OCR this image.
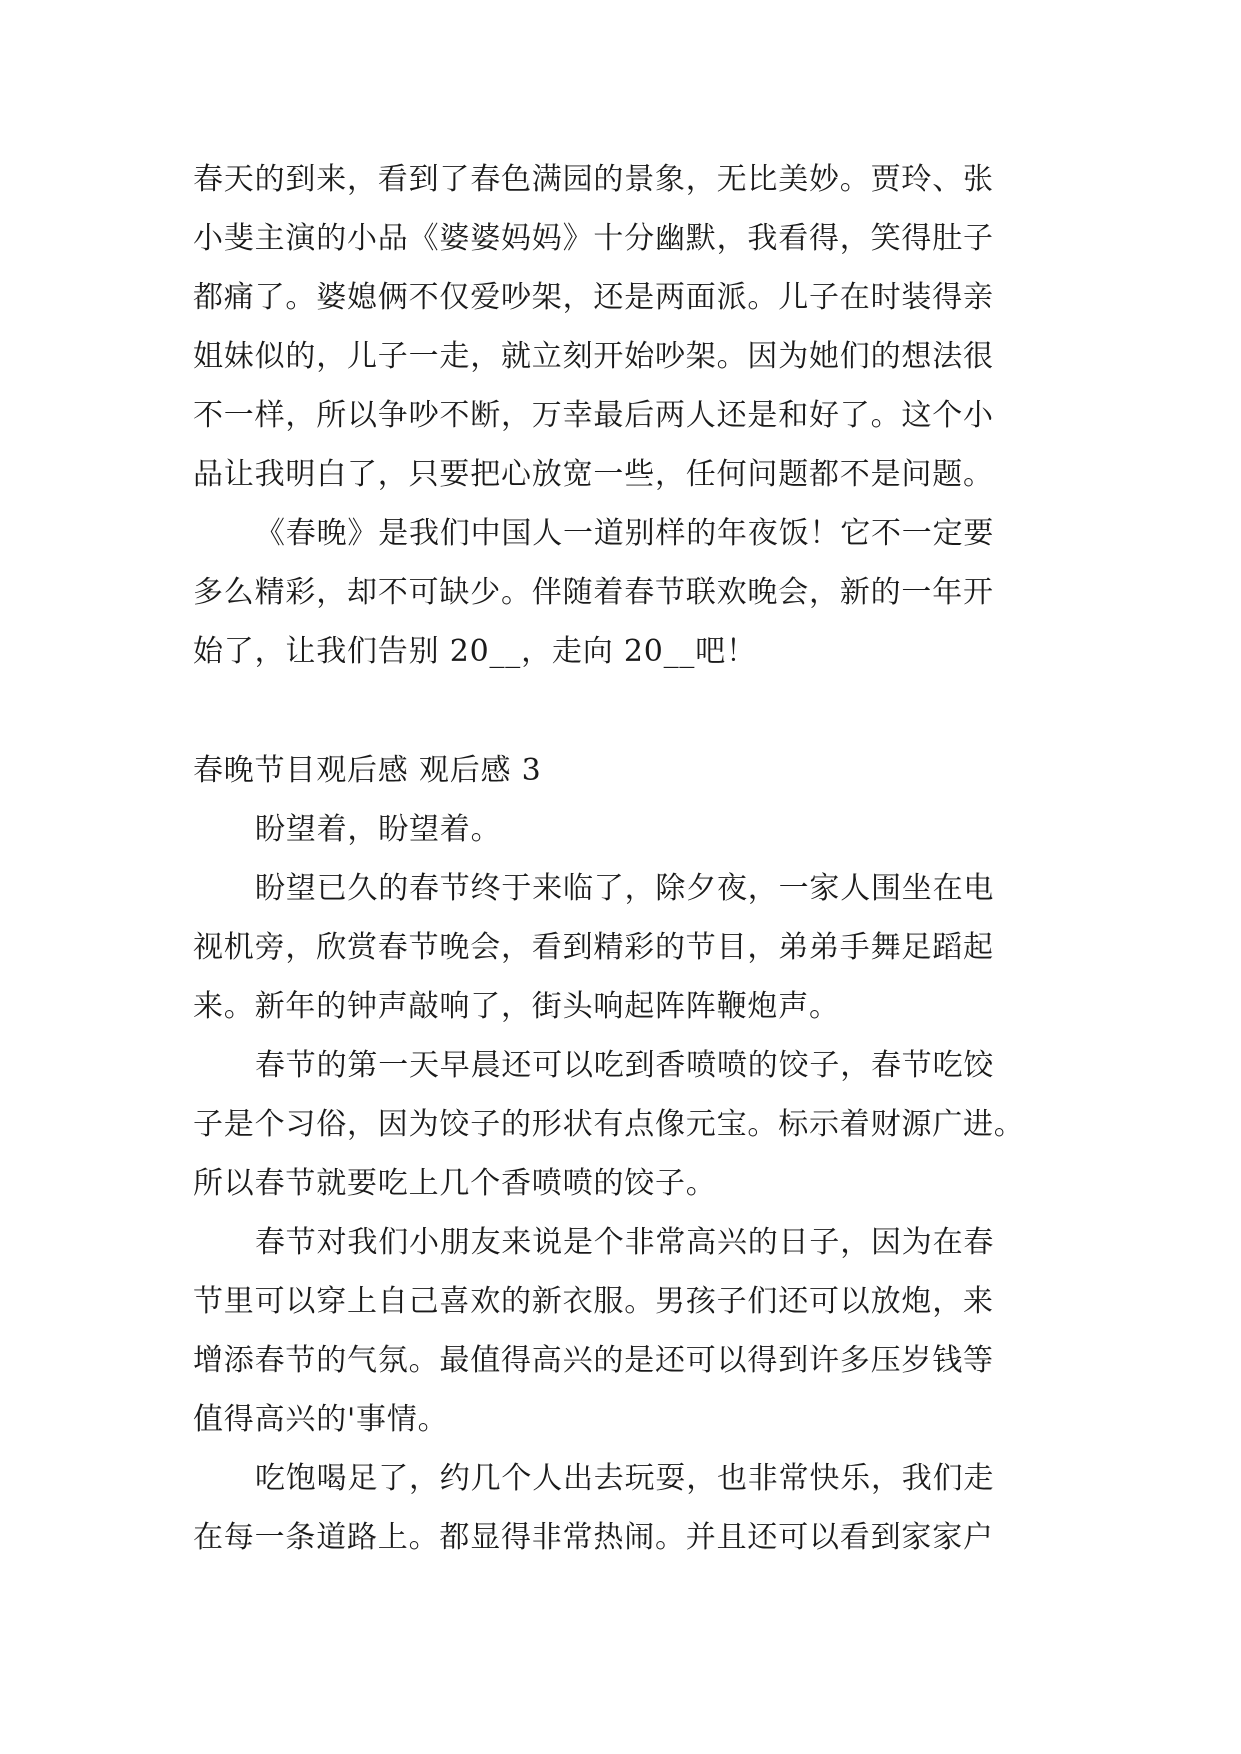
春天的到来，看到了春色满园的景象，无比美妙。贾玲、张
小斐主演的小品《婆婆妈妈》十分幽默，我看得，笑得肚子
都痛了。婆媳俩不仅爱吵架，还是两面派。儿子在时装得亲
姐妹似的，儿子一走，就立刻开始吵架。因为她们的想法很
不一样，所以争吵不断，万幸最后两人还是和好了。这个小
品让我明白了，只要把心放宽一些，任何问题都不是问题。
《春晚》是我们中国人一道别样的年夜饭！它不一定要
多么精彩，却不可缺少。伴随着春节联欢晚会，新的一年开
始了，让我们告别 20__，走向 20__吧！
春晚节目观后感 观后感 3
盼望着，盼望着。
盼望已久的春节终于来临了，除夕夜，一家人围坐在电
视机旁，欣赏春节晚会，看到精彩的节目，弟弟手舞足蹈起
来。新年的钟声敲响了，街头响起阵阵鞭炮声。
春节的第一天早晨还可以吃到香喷喷的饺子，春节吃饺
子是个习俗，因为饺子的形状有点像元宝。标示着财源广进。
所以春节就要吃上几个香喷喷的饺子。
春节对我们小朋友来说是个非常高兴的日子，因为在春
节里可以穿上自己喜欢的新衣服。男孩子们还可以放炮，来
增添春节的气氛。最值得高兴的是还可以得到许多压岁钱等
值得高兴的'事情。
吃饱喝足了，约几个人出去玩耍，也非常快乐，我们走
在每一条道路上。都显得非常热闹。并且还可以看到家家户
